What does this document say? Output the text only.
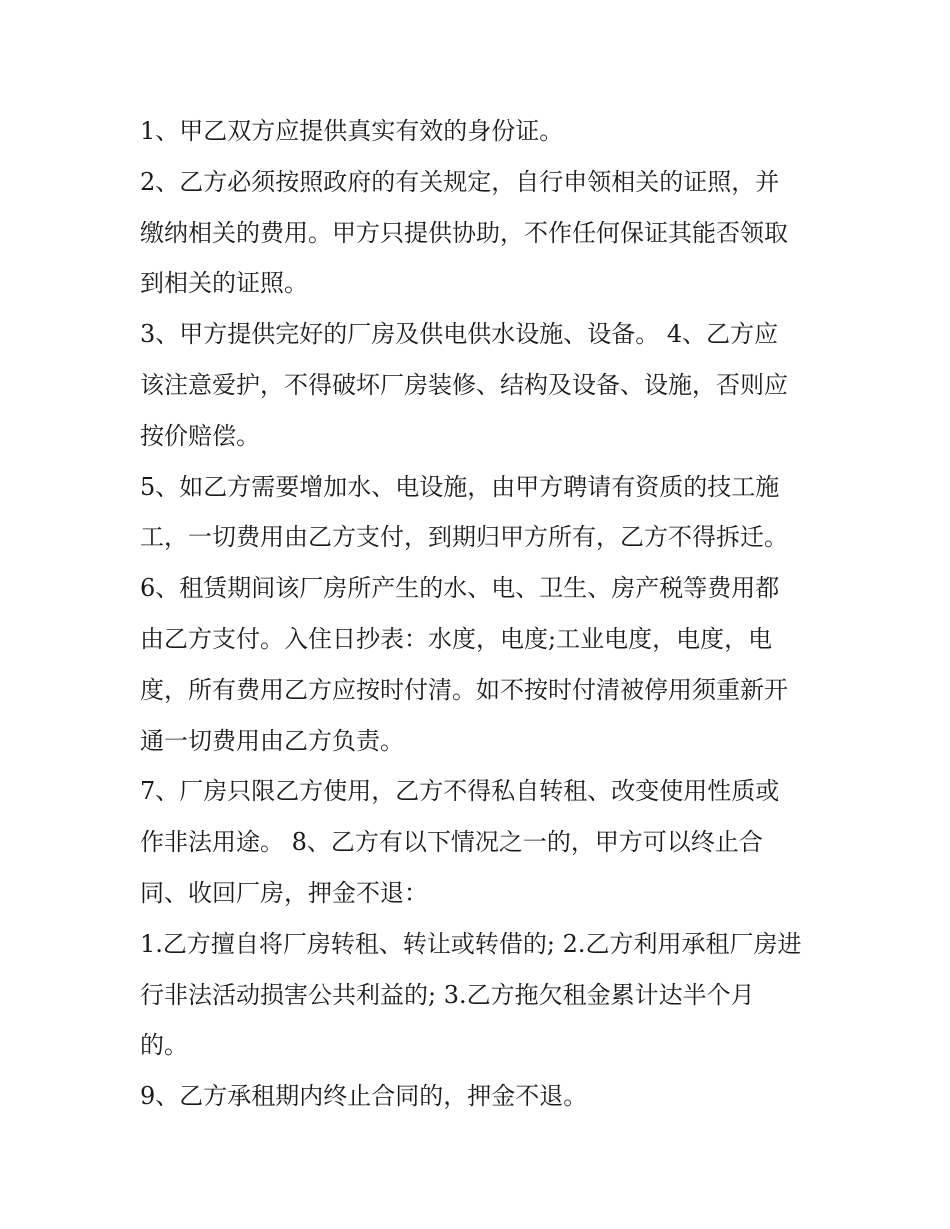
1、甲乙双方应提供真实有效的身份证。
2、乙方必须按照政府的有关规定，自行申领相关的证照，并
缴纳相关的费用。甲方只提供协助，不作任何保证其能否领取
到相关的证照。
3、甲方提供完好的厂房及供电供水设施、设备。 4、乙方应
该注意爱护，不得破坏厂房装修、结构及设备、设施，否则应
按价赔偿。
5、如乙方需要增加水、电设施，由甲方聘请有资质的技工施
工，一切费用由乙方支付，到期归甲方所有，乙方不得拆迁。
6、租赁期间该厂房所产生的水、电、卫生、房产税等费用都
由乙方支付。入住日抄表：水度，电度;工业电度，电度，电
度，所有费用乙方应按时付清。如不按时付清被停用须重新开
通一切费用由乙方负责。
7、厂房只限乙方使用，乙方不得私自转租、改变使用性质或
作非法用途。 8、乙方有以下情况之一的，甲方可以终止合
同、收回厂房，押金不退：
1.乙方擅自将厂房转租、转让或转借的; 2.乙方利用承租厂房进
行非法活动损害公共利益的; 3.乙方拖欠租金累计达半个月
的。
9、乙方承租期内终止合同的，押金不退。
